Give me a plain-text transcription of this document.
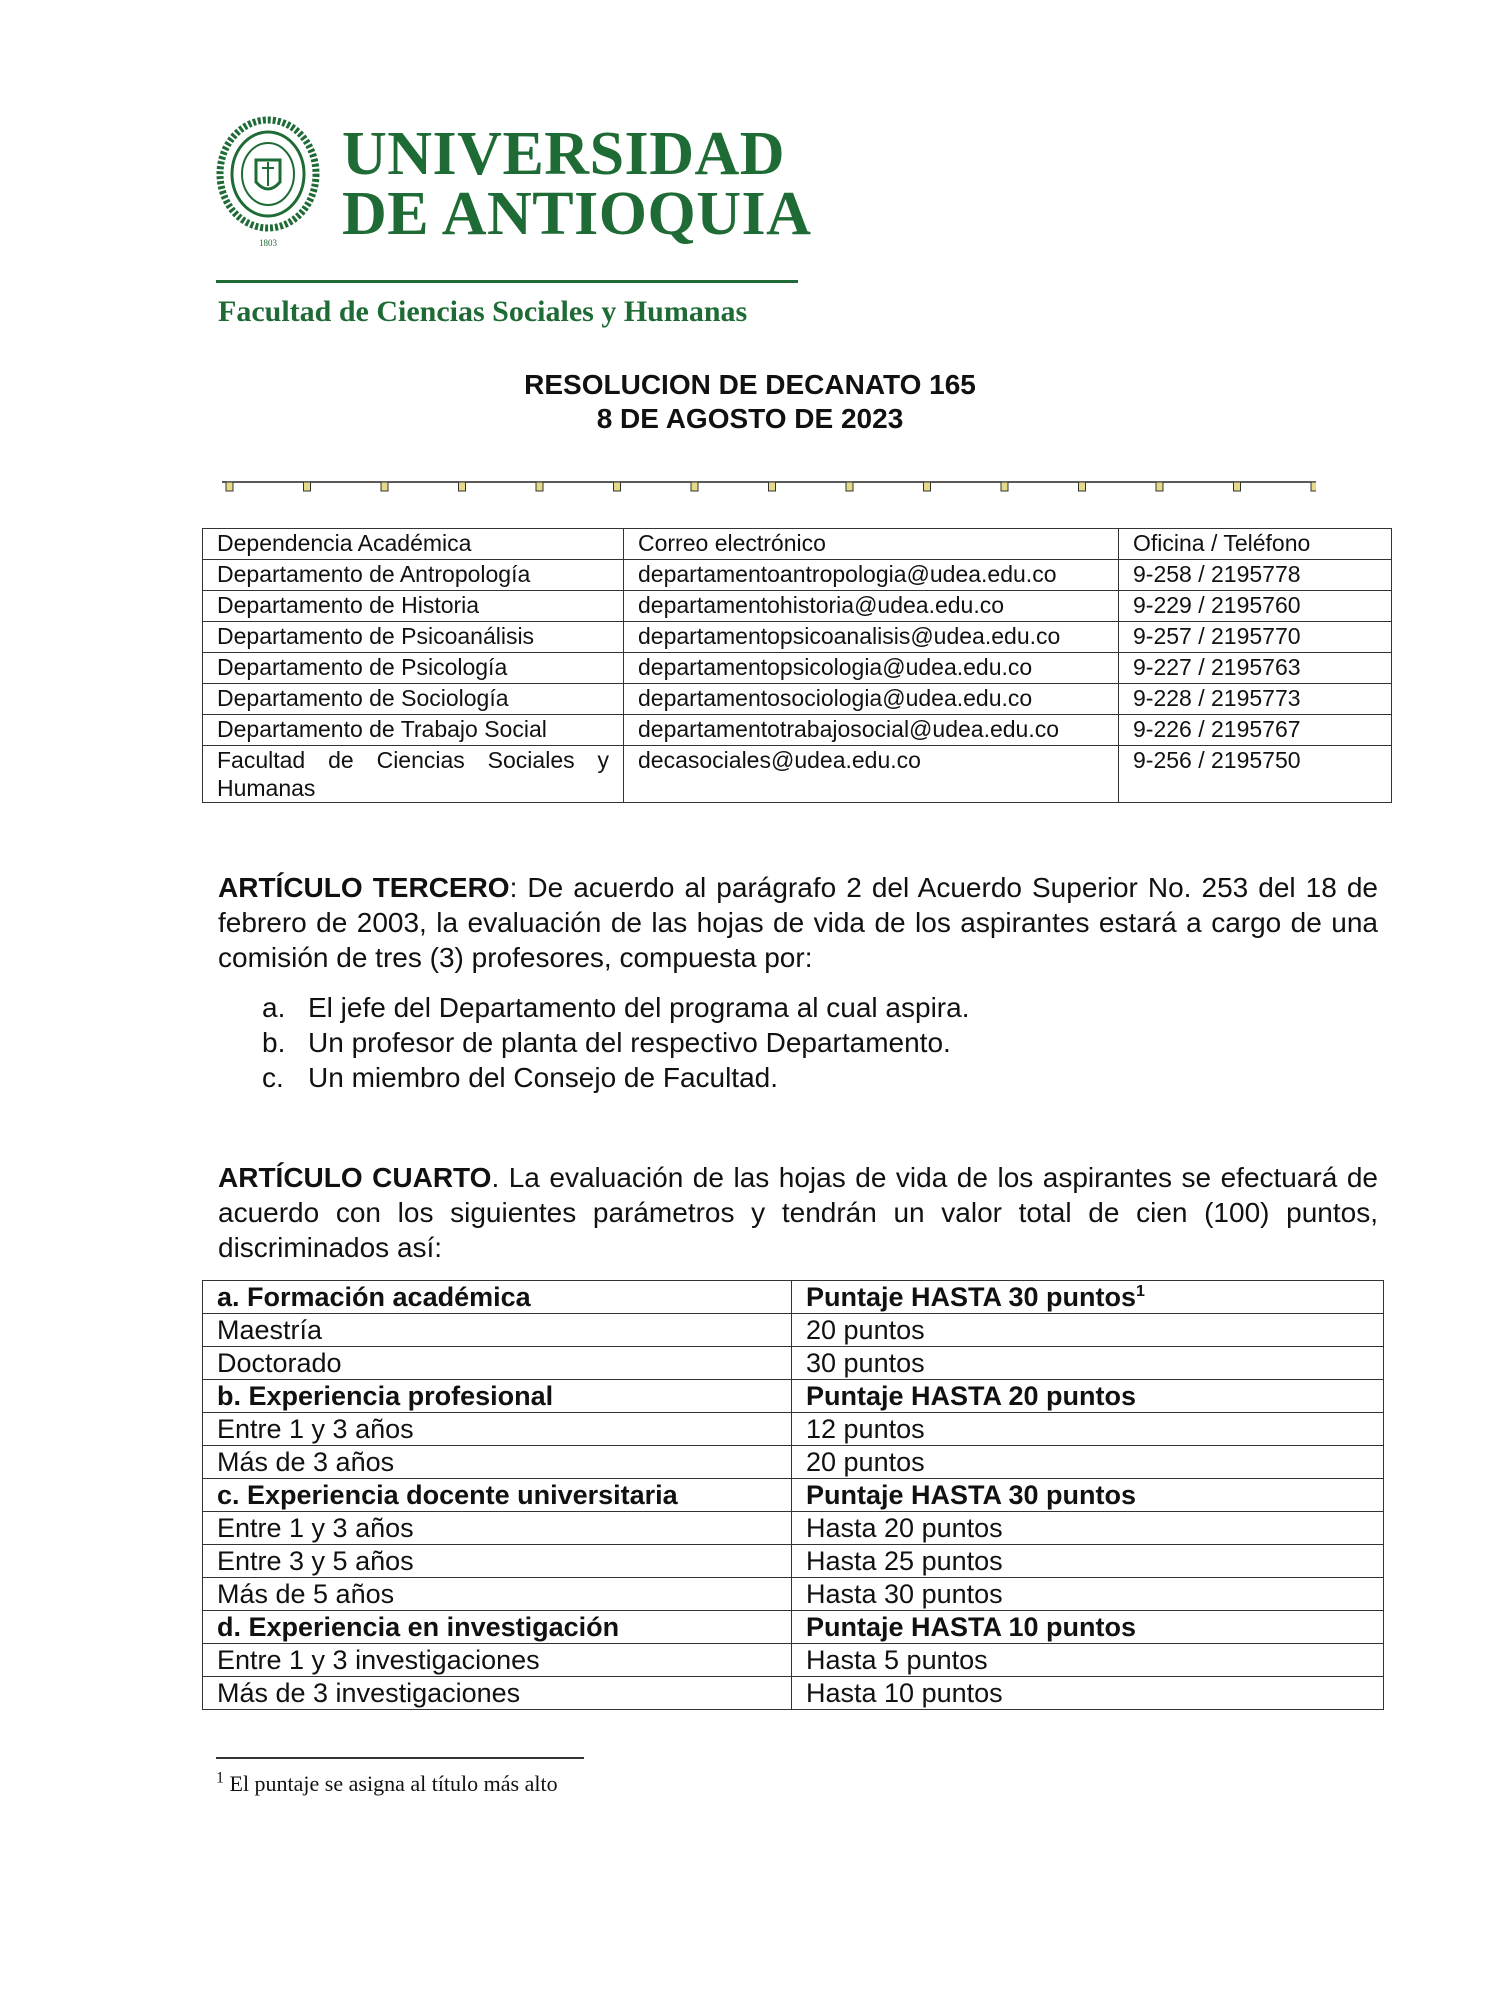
1803
UNIVERSIDAD
DE ANTIOQUIA
Facultad de Ciencias Sociales y Humanas
RESOLUCION DE DECANATO 165
8 DE AGOSTO DE 2023
Dependencia Académica	Correo electrónico	Oficina / Teléfono
Departamento de Antropología	departamentoantropologia@udea.edu.co	9-258 / 2195778
Departamento de Historia	departamentohistoria@udea.edu.co	9-229 / 2195760
Departamento de Psicoanálisis	departamentopsicoanalisis@udea.edu.co	9-257 / 2195770
Departamento de Psicología	departamentopsicologia@udea.edu.co	9-227 / 2195763
Departamento de Sociología	departamentosociologia@udea.edu.co	9-228 / 2195773
Departamento de Trabajo Social	departamentotrabajosocial@udea.edu.co	9-226 / 2195767
Facultad de Ciencias Sociales y Humanas	decasociales@udea.edu.co	9-256 / 2195750
ARTÍCULO TERCERO: De acuerdo al parágrafo 2 del Acuerdo Superior No. 253 del 18 de febrero de 2003, la evaluación de las hojas de vida de los aspirantes estará a cargo de una comisión de tres (3) profesores, compuesta por:
a. El jefe del Departamento del programa al cual aspira.
b. Un profesor de planta del respectivo Departamento.
c. Un miembro del Consejo de Facultad.
ARTÍCULO CUARTO. La evaluación de las hojas de vida de los aspirantes se efectuará de acuerdo con los siguientes parámetros y tendrán un valor total de cien (100) puntos, discriminados así:
a. Formación académica	Puntaje HASTA 30 puntos$^1$
Maestría	20 puntos
Doctorado	30 puntos
b. Experiencia profesional	Puntaje HASTA 20 puntos
Entre 1 y 3 años	12 puntos
Más de 3 años	20 puntos
c. Experiencia docente universitaria	Puntaje HASTA 30 puntos
Entre 1 y 3 años	Hasta 20 puntos
Entre 3 y 5 años	Hasta 25 puntos
Más de 5 años	Hasta 30 puntos
d. Experiencia en investigación	Puntaje HASTA 10 puntos
Entre 1 y 3 investigaciones	Hasta 5 puntos
Más de 3 investigaciones	Hasta 10 puntos
$^1$ El puntaje se asigna al título más alto
